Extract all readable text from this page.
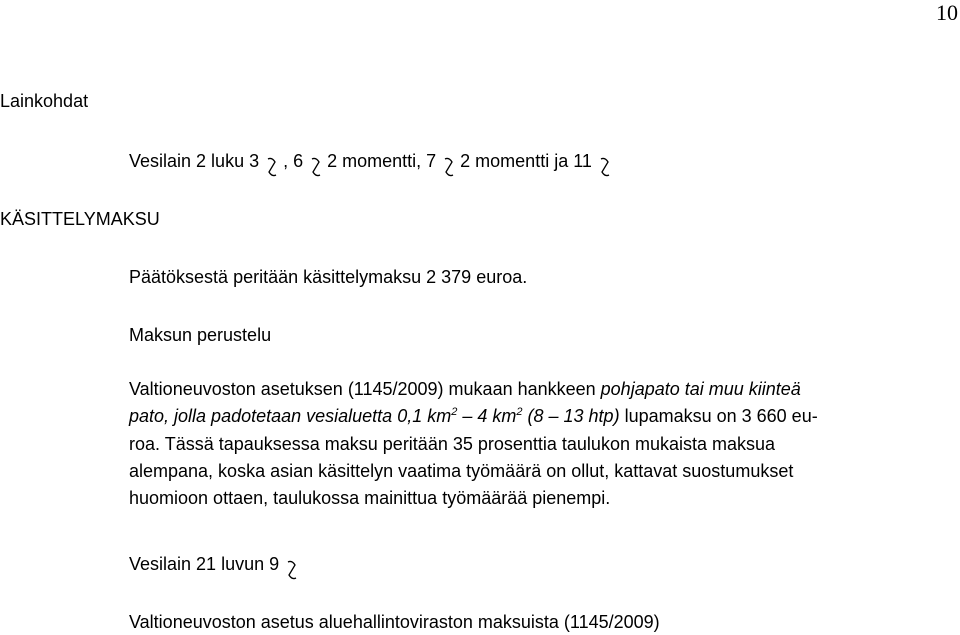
10
Lainkohdat
Vesilain 2 luku 3 , 6 2 momentti, 7 2 momentti ja 11
KÄSITTELYMAKSU
Päätöksestä peritään käsittelymaksu 2 379 euroa.
Maksun perustelu
Valtioneuvoston asetuksen (1145/2009) mukaan hankkeen pohjapato tai muu kiinteä
pato, jolla padotetaan vesialuetta 0,1 $km^2 - 4$ $km^2$ (8 – 13 htp) lupamaksu on 3 660 eu-
roa. Tässä tapauksessa maksu peritään 35 prosenttia taulukon mukaista maksua
alempana, koska asian käsittelyn vaatima työmäärä on ollut, kattavat suostumukset
huomioon ottaen, taulukossa mainittua työmäärää pienempi.
Vesilain 21 luvun 9
Valtioneuvoston asetus aluehallintoviraston maksuista (1145/2009)
